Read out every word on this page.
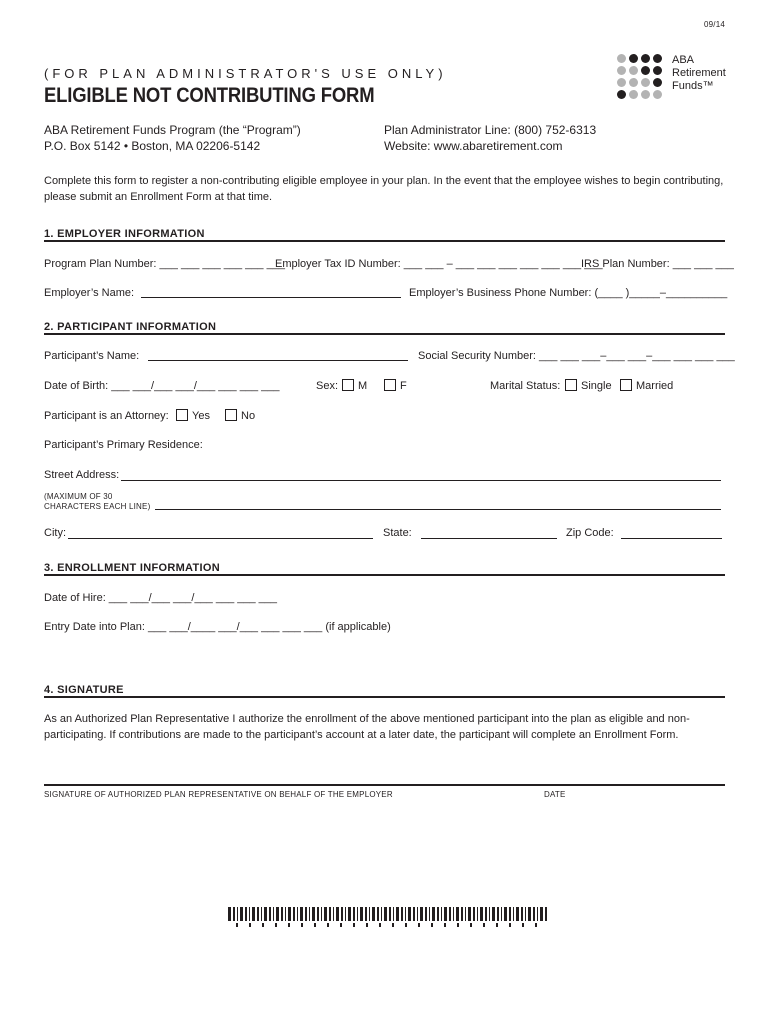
09/14
(FOR PLAN ADMINISTRATOR'S USE ONLY)
ELIGIBLE NOT CONTRIBUTING FORM
ABA
Retirement
Funds™
ABA Retirement Funds Program (the “Program”)
P.O. Box 5142 • Boston, MA 02206-5142
Plan Administrator Line: (800) 752-6313
Website: www.abaretirement.com
Complete this form to register a non-contributing eligible employee in your plan. In the event that the employee wishes to begin contributing, please submit an Enrollment Form at that time.
1. EMPLOYER INFORMATION
Program Plan Number: ___ ___ ___ ___ ___ ___
Employer Tax ID Number: ___ ___ – ___ ___ ___ ___ ___ ___ ___
IRS Plan Number: ___ ___ ___
Employer’s Name:	Employer’s Business Phone Number: (____ )_____–__________
2. PARTICIPANT INFORMATION
Participant’s Name:	Social Security Number: ___ ___ ___–___ ___–___ ___ ___ ___
Date of Birth: ___ ___/___ ___/___ ___ ___ ___	Sex:	M	F	Marital Status:	Single	Married
Participant is an Attorney:	Yes	No
Participant’s Primary Residence:
Street Address:
(MAXIMUM OF 30
CHARACTERS EACH LINE)
City:	State:	Zip Code:
3. ENROLLMENT INFORMATION
Date of Hire: ___ ___/___ ___/___ ___ ___ ___
Entry Date into Plan: ___ ___/____ ___/___ ___ ___ ___ (if applicable)
4. SIGNATURE
As an Authorized Plan Representative I authorize the enrollment of the above mentioned participant into the plan as eligible and non-participating. If contributions are made to the participant’s account at a later date, the participant will complete an Enrollment Form.
SIGNATURE OF AUTHORIZED PLAN REPRESENTATIVE ON BEHALF OF THE EMPLOYER	DATE
